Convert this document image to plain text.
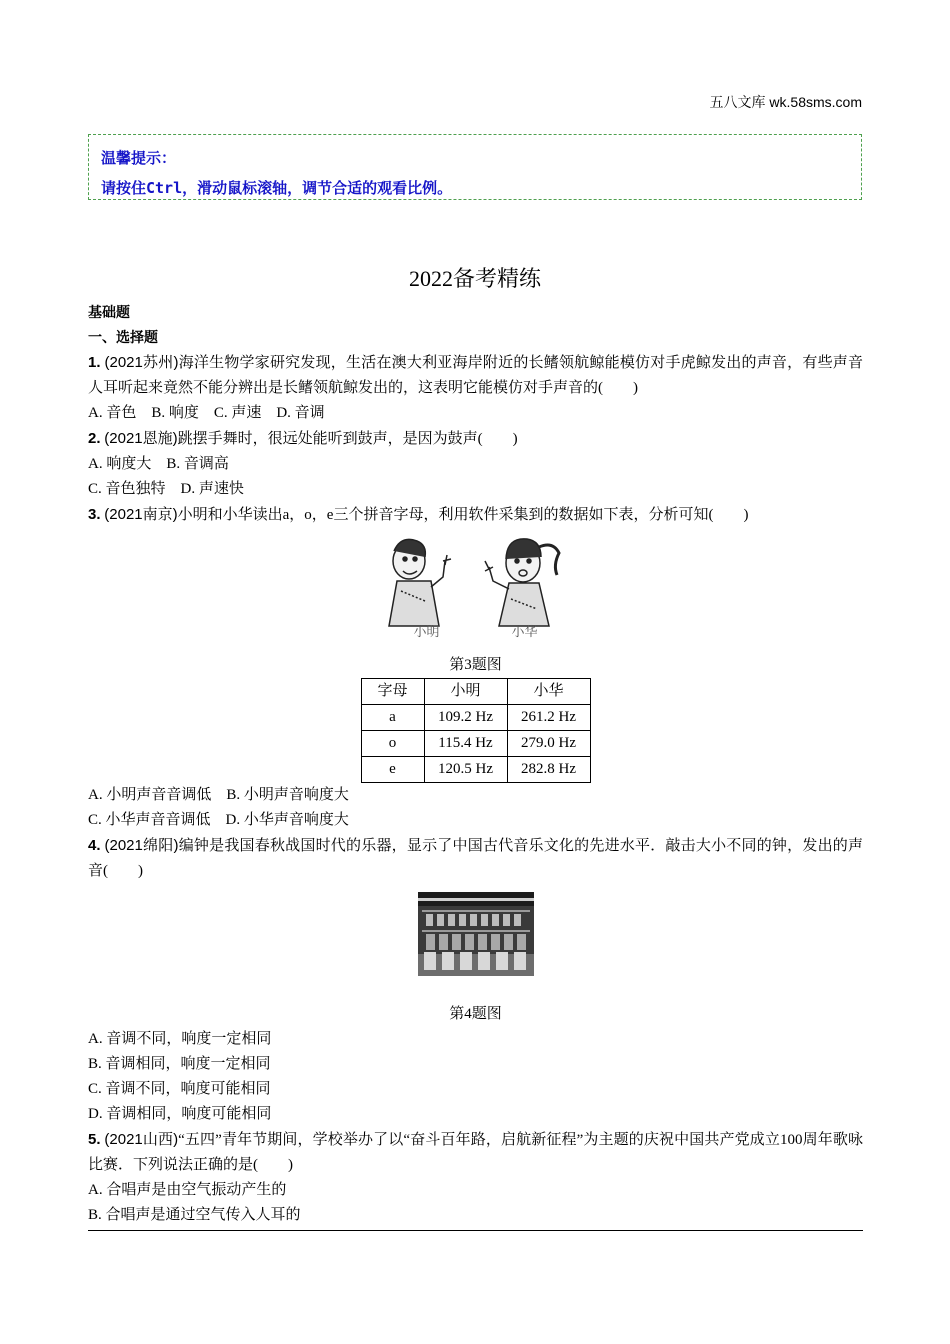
五八文库 wk.58sms.com
温馨提示：
请按住Ctrl，滑动鼠标滚轴，调节合适的观看比例。
2022备考精练
基础题
一、选择题
1. (2021苏州)海洋生物学家研究发现，生活在澳大利亚海岸附近的长鳍领航鲸能模仿对手虎鲸发出的声音，有些声音人耳听起来竟然不能分辨出是长鳍领航鲸发出的，这表明它能模仿对手声音的(　　)
A. 音色　B. 响度　C. 声速　D. 音调
2. (2021恩施)跳摆手舞时，很远处能听到鼓声，是因为鼓声(　　)
A. 响度大　B. 音调高
C. 音色独特　D. 声速快
3. (2021南京)小明和小华读出a，o，e三个拼音字母，利用软件采集到的数据如下表，分析可知(　　)
小明	小华
第3题图
字母	小明	小华
a	109.2 Hz	261.2 Hz
o	115.4 Hz	279.0 Hz
e	120.5 Hz	282.8 Hz
A. 小明声音音调低　B. 小明声音响度大
C. 小华声音音调低　D. 小华声音响度大
4. (2021绵阳)编钟是我国春秋战国时代的乐器，显示了中国古代音乐文化的先进水平．敲击大小不同的钟，发出的声音(　　)
第4题图
A. 音调不同，响度一定相同
B. 音调相同，响度一定相同
C. 音调不同，响度可能相同
D. 音调相同，响度可能相同
5. (2021山西)“五四”青年节期间，学校举办了以“奋斗百年路，启航新征程”为主题的庆祝中国共产党成立100周年歌咏比赛．下列说法正确的是(　　)
A. 合唱声是由空气振动产生的
B. 合唱声是通过空气传入人耳的
